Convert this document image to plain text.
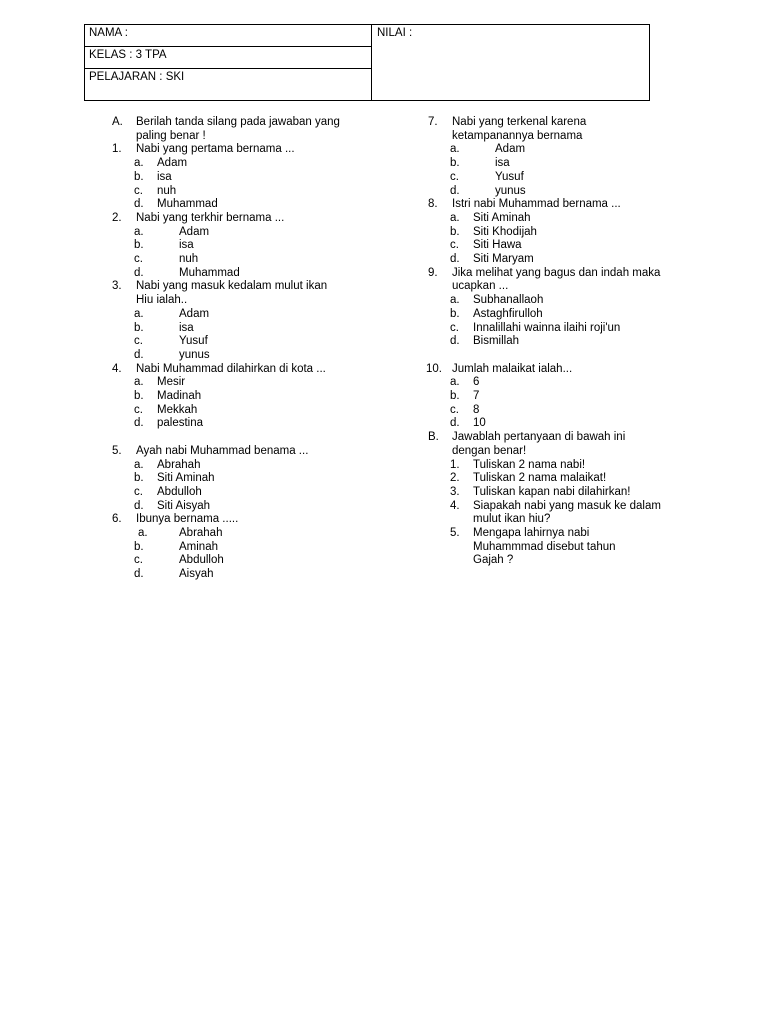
NAMA :
KELAS : 3 TPA
PELAJARAN : SKI
NILAI :
A.	Berilah tanda silang pada jawaban yang
paling benar !
1.	Nabi yang pertama bernama ...
a.	Adam
b.	isa
c.	nuh
d.	Muhammad
2.	Nabi yang terkhir bernama ...
a.	Adam
b.	isa
c.	nuh
d.	Muhammad
3.	Nabi yang masuk kedalam mulut ikan
Hiu ialah..
a.	Adam
b.	isa
c.	Yusuf
d.	yunus
4.	Nabi Muhammad dilahirkan di kota ...
a.	Mesir
b.	Madinah
c.	Mekkah
d.	palestina
5.	Ayah nabi Muhammad benama ...
a.	Abrahah
b.	Siti Aminah
c.	Abdulloh
d.	Siti Aisyah
6.	Ibunya bernama .....
a.	Abrahah
b.	Aminah
c.	Abdulloh
d.	Aisyah
7.	Nabi yang terkenal karena
ketampanannya bernama
a.	Adam
b.	isa
c.	Yusuf
d.	yunus
8.	Istri nabi Muhammad bernama ...
a.	Siti Aminah
b.	Siti Khodijah
c.	Siti Hawa
d.	Siti Maryam
9.	Jika melihat yang bagus dan indah maka
ucapkan ...
a.	Subhanallaoh
b.	Astaghfirulloh
c.	Innalillahi wainna ilaihi roji'un
d.	Bismillah
10. Jumlah malaikat ialah...
a.	6
b.	7
c.	8
d.	10
B.	Jawablah pertanyaan di bawah ini
dengan benar!
1.	Tuliskan 2 nama nabi!
2.	Tuliskan 2 nama malaikat!
3.	Tuliskan kapan nabi dilahirkan!
4.	Siapakah nabi yang masuk ke dalam
mulut ikan hiu?
5.	Mengapa lahirnya nabi
Muhammmad disebut tahun
Gajah ?
